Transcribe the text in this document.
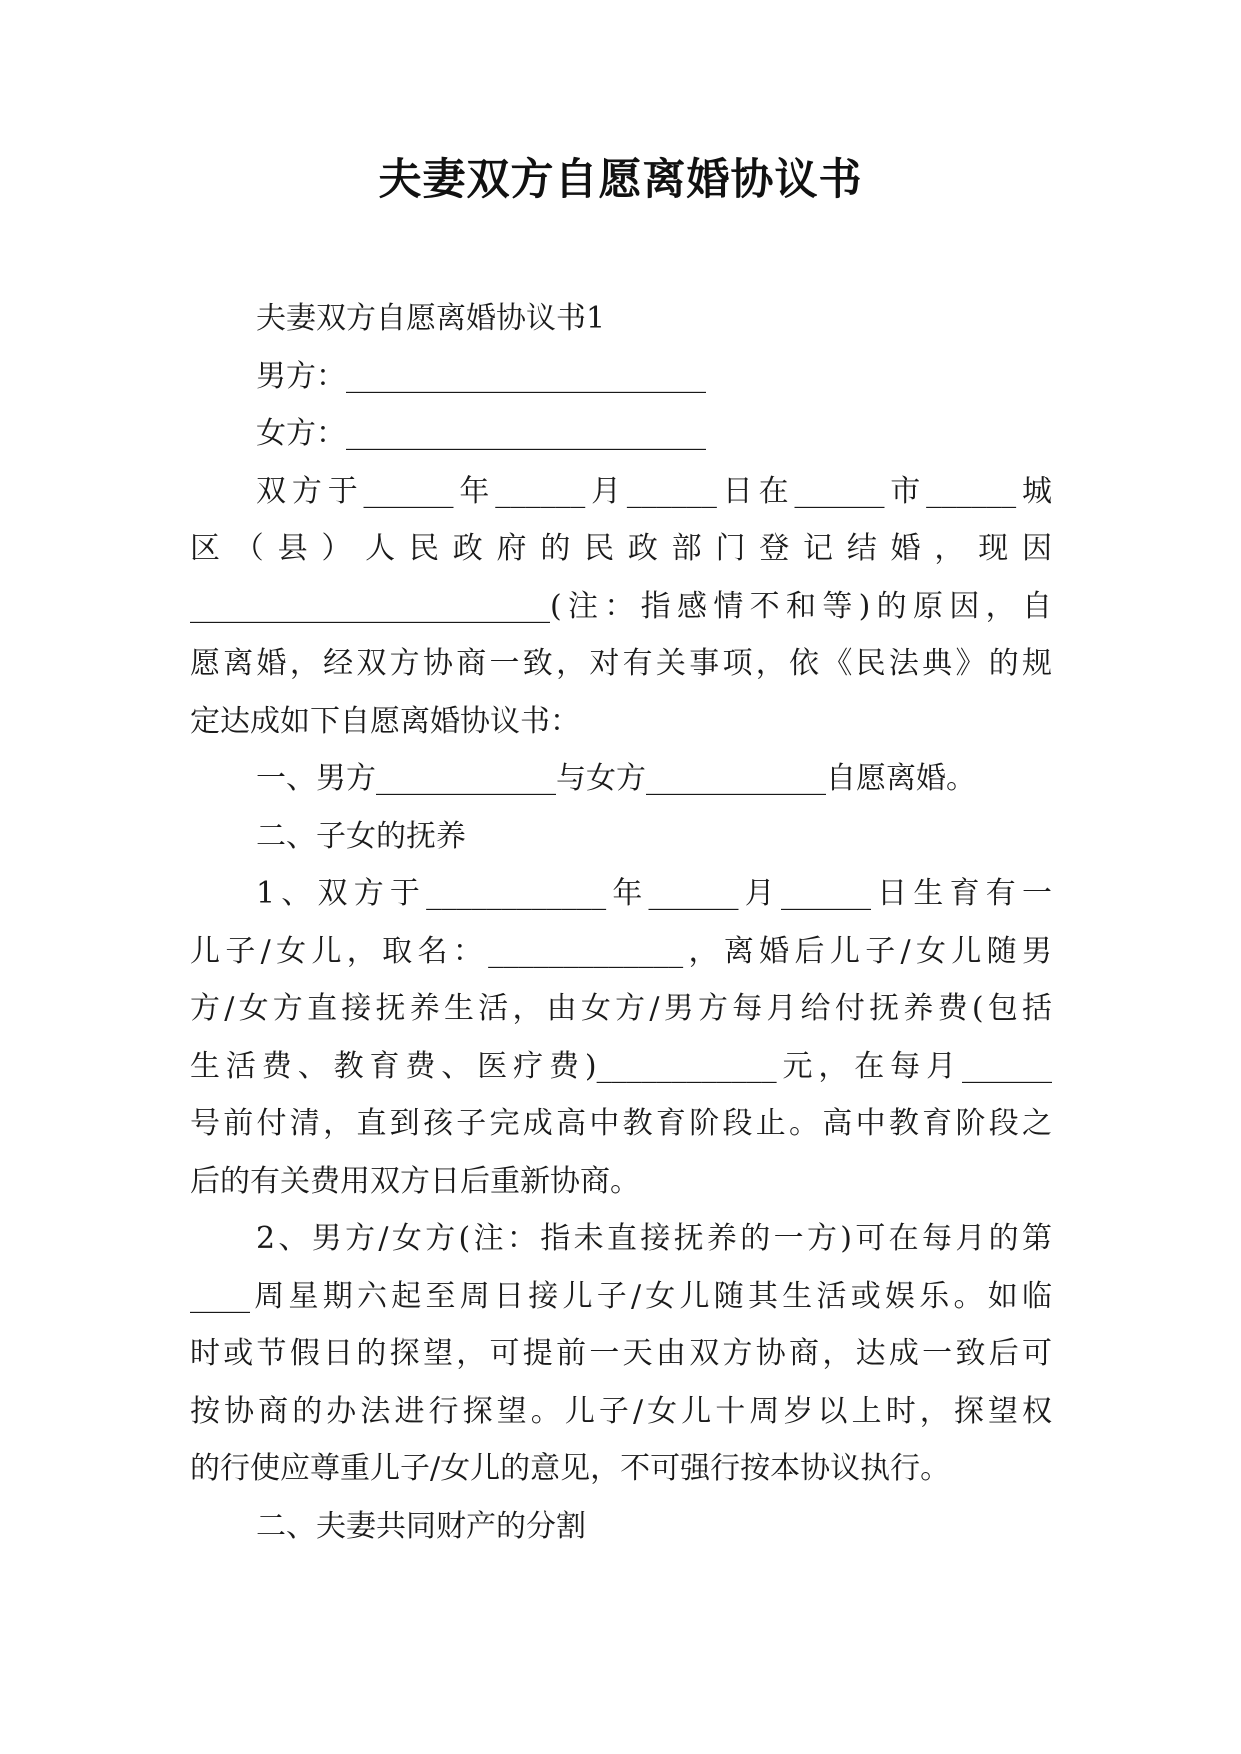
夫妻双方自愿离婚协议书
夫妻双方自愿离婚协议书1
男方：________________________
女方：________________________
双方于______年______月______日在______市______城
区（县）人民政府的民政部门登记结婚，现因
________________________(注：指感情不和等)的原因，自
愿离婚，经双方协商一致，对有关事项，依《民法典》的规
定达成如下自愿离婚协议书：
一、男方____________与女方____________自愿离婚。
二、子女的抚养
1、双方于____________年______月______日生育有一
儿子/女儿，取名：_____________，离婚后儿子/女儿随男
方/女方直接抚养生活，由女方/男方每月给付抚养费(包括
生活费、教育费、医疗费)____________元，在每月______
号前付清，直到孩子完成高中教育阶段止。高中教育阶段之
后的有关费用双方日后重新协商。
2、男方/女方(注：指未直接抚养的一方)可在每月的第
____周星期六起至周日接儿子/女儿随其生活或娱乐。如临
时或节假日的探望，可提前一天由双方协商，达成一致后可
按协商的办法进行探望。儿子/女儿十周岁以上时，探望权
的行使应尊重儿子/女儿的意见，不可强行按本协议执行。
二、夫妻共同财产的分割
